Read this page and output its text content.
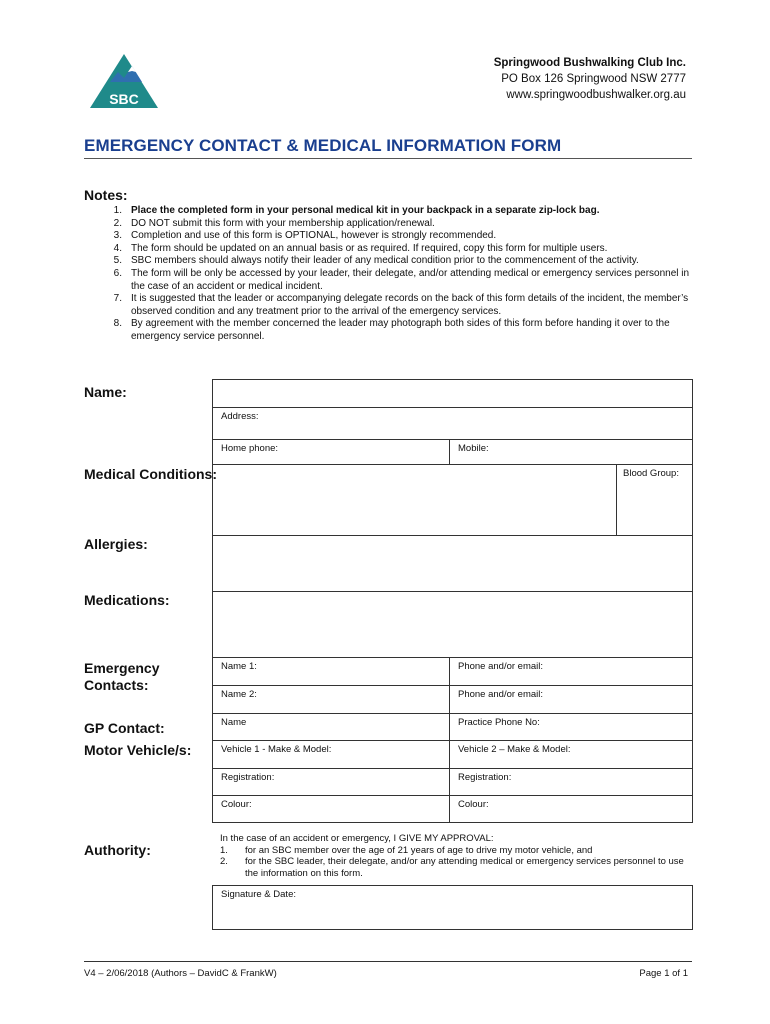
SBC
Springwood Bushwalking Club Inc.
PO Box 126 Springwood NSW 2777
www.springwoodbushwalker.org.au
EMERGENCY CONTACT & MEDICAL INFORMATION FORM
Notes:
1. Place the completed form in your personal medical kit in your backpack in a separate zip-lock bag.
2. DO NOT submit this form with your membership application/renewal.
3. Completion and use of this form is OPTIONAL, however is strongly recommended.
4. The form should be updated on an annual basis or as required. If required, copy this form for multiple users.
5. SBC members should always notify their leader of any medical condition prior to the commencement of the activity.
6. The form will be only be accessed by your leader, their delegate, and/or attending medical or emergency services personnel in the case of an accident or medical incident.
7. It is suggested that the leader or accompanying delegate records on the back of this form details of the incident, the member’s observed condition and any treatment prior to the arrival of the emergency services.
8. By agreement with the member concerned the leader may photograph both sides of this form before handing it over to the emergency service personnel.
Name:
Address:
Home phone:	Mobile:
Medical Conditions:	Blood Group:
Allergies:
Medications:
Emergency Contacts:
Name 1:	Phone and/or email:
Name 2:	Phone and/or email:
GP Contact:	Name	Practice Phone No:
Motor Vehicle/s:	Vehicle 1 - Make & Model:	Vehicle 2 – Make & Model:
Registration:	Registration:
Colour:	Colour:
Authority:
In the case of an accident or emergency, I GIVE MY APPROVAL:
1. for an SBC member over the age of 21 years of age to drive my motor vehicle, and
2. for the SBC leader, their delegate, and/or any attending medical or emergency services personnel to use the information on this form.
Signature & Date:
V4 – 2/06/2018 (Authors – DavidC & FrankW)	Page 1 of 1
